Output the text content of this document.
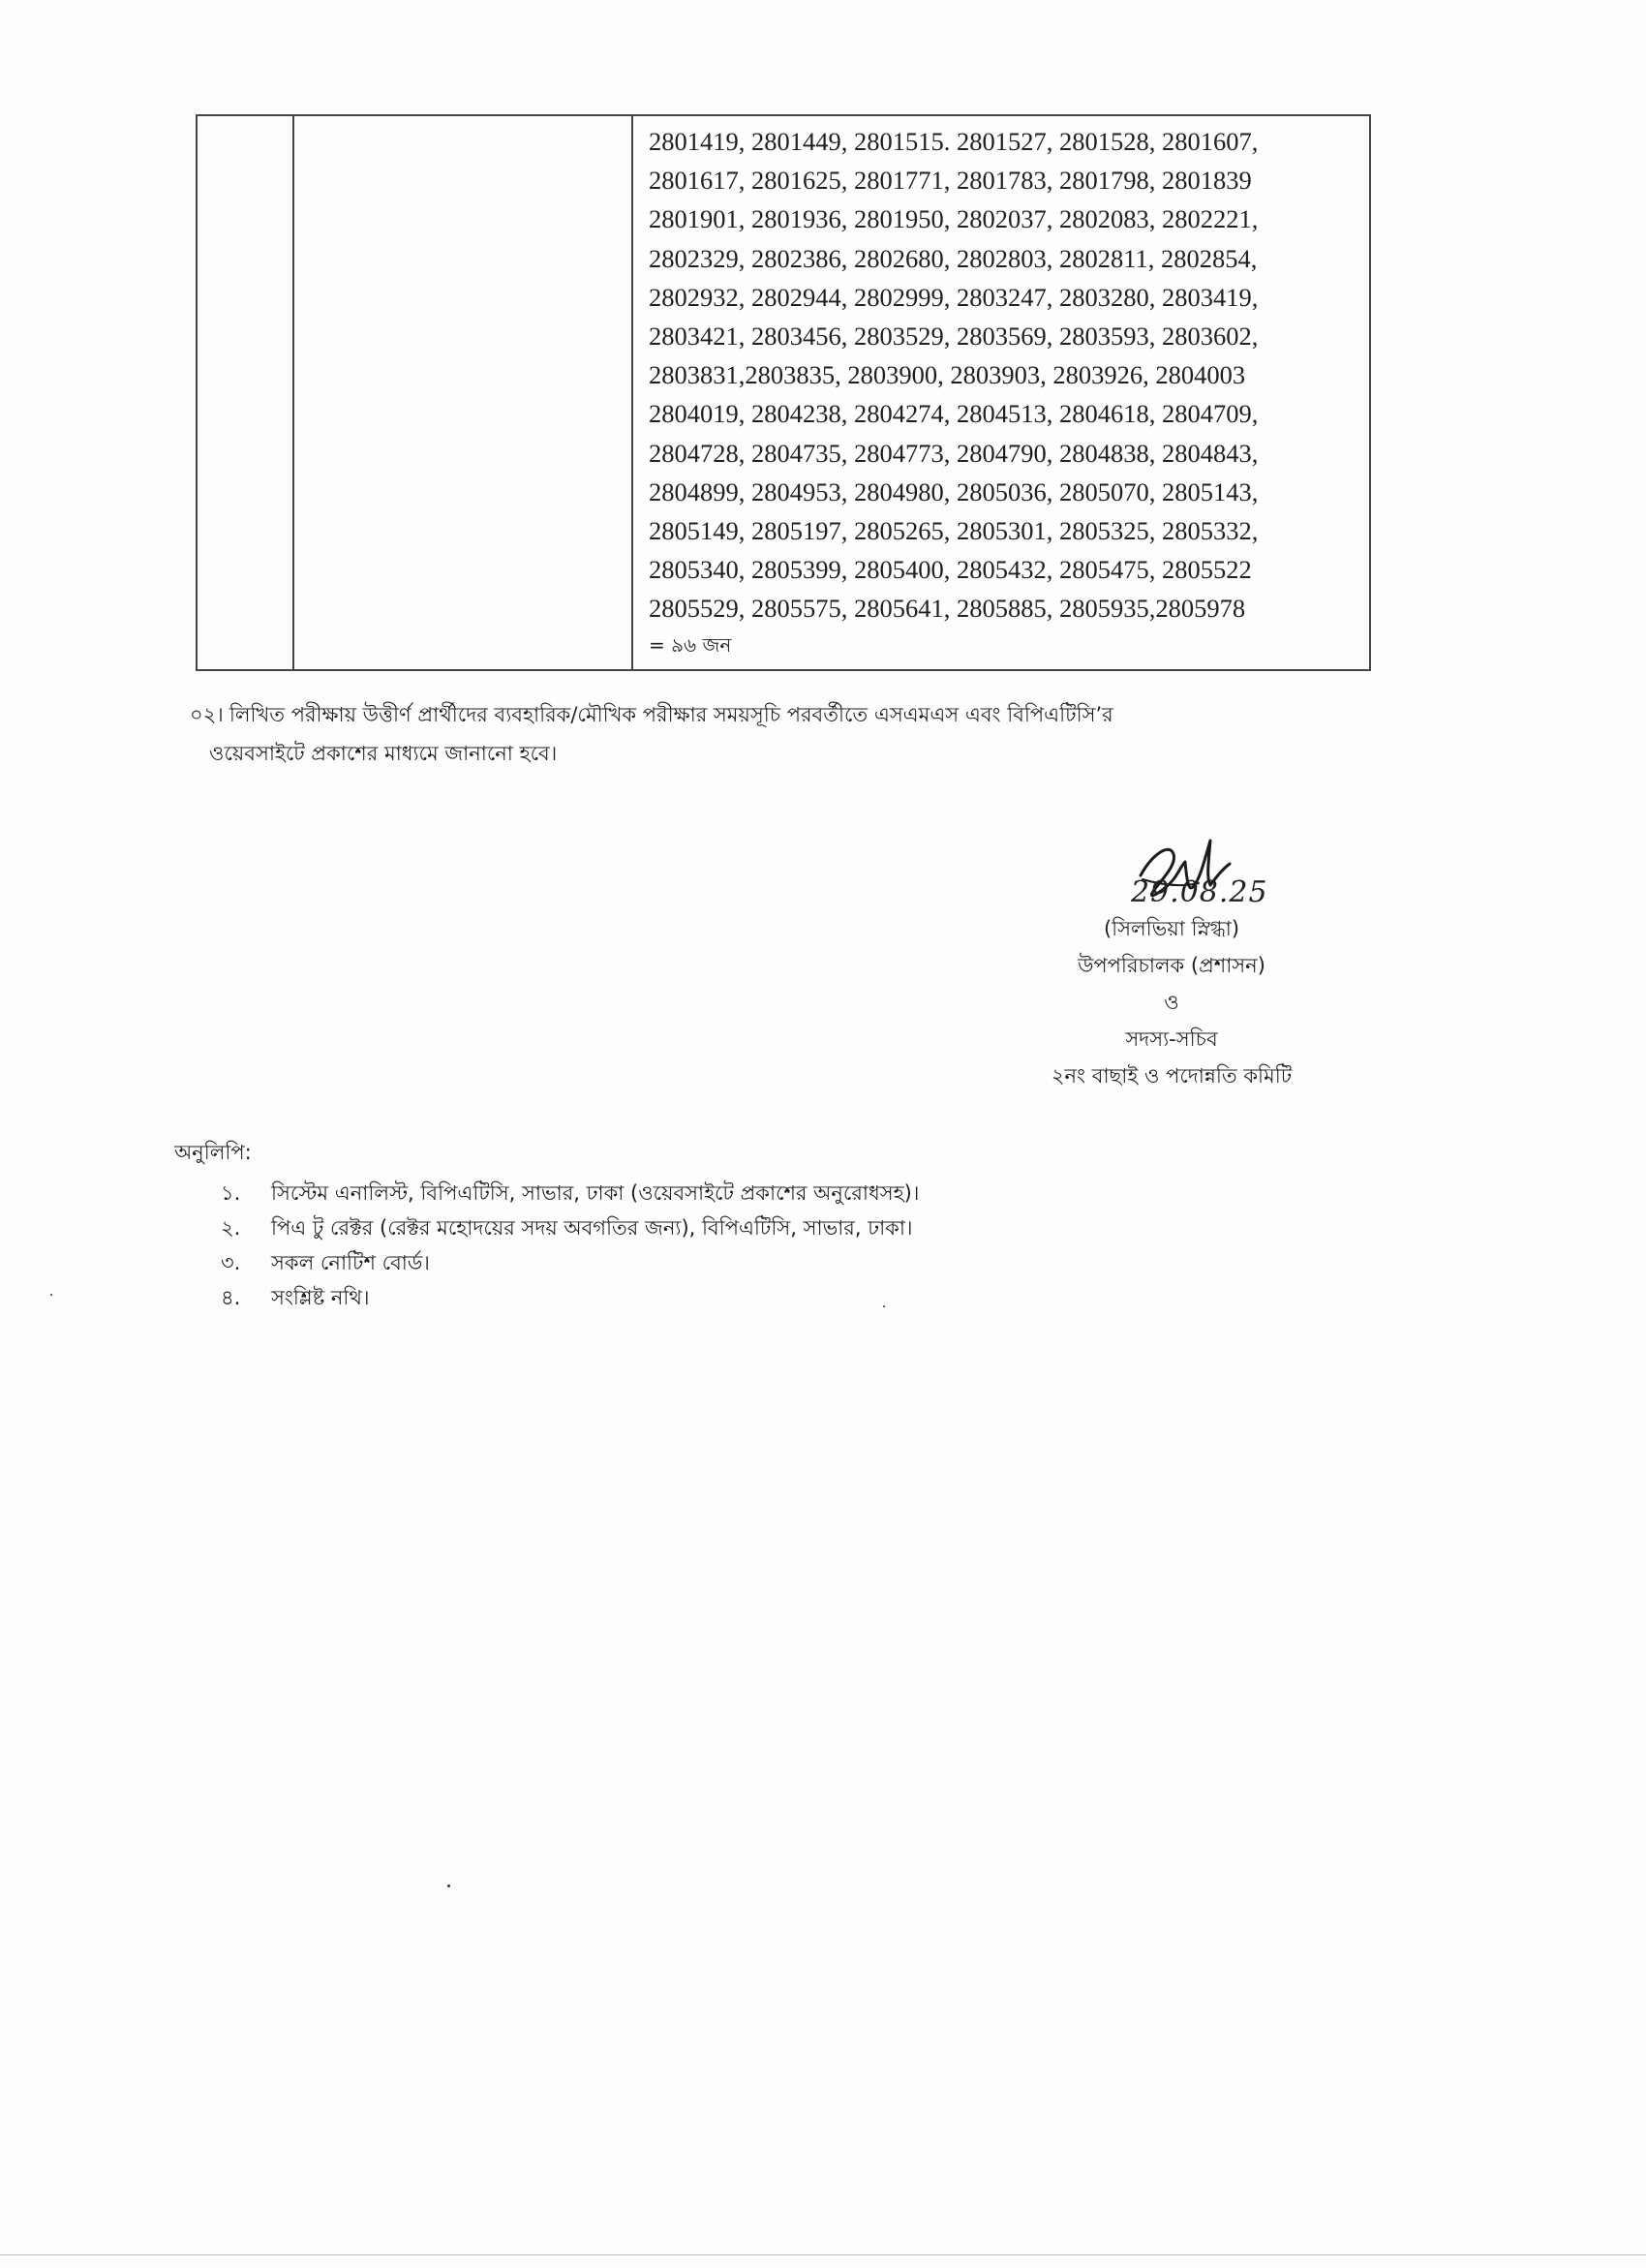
2801419, 2801449, 2801515. 2801527, 2801528, 2801607,
2801617, 2801625, 2801771, 2801783, 2801798, 2801839
2801901, 2801936, 2801950, 2802037, 2802083, 2802221,
2802329, 2802386, 2802680, 2802803, 2802811, 2802854,
2802932, 2802944, 2802999, 2803247, 2803280, 2803419,
2803421, 2803456, 2803529, 2803569, 2803593, 2803602,
2803831,2803835, 2803900, 2803903, 2803926, 2804003
2804019, 2804238, 2804274, 2804513, 2804618, 2804709,
2804728, 2804735, 2804773, 2804790, 2804838, 2804843,
2804899, 2804953, 2804980, 2805036, 2805070, 2805143,
2805149, 2805197, 2805265, 2805301, 2805325, 2805332,
2805340, 2805399, 2805400, 2805432, 2805475, 2805522
2805529, 2805575, 2805641, 2805885, 2805935,2805978
= ৯৬ জন
০২। লিখিত পরীক্ষায় উত্তীর্ণ প্রার্থীদের ব্যবহারিক/মৌখিক পরীক্ষার সময়সূচি পরবর্তীতে এসএমএস এবং বিপিএটিসি’র
ওয়েবসাইটে প্রকাশের মাধ্যমে জানানো হবে।
29.08.25
(সিলভিয়া স্নিগ্ধা)
উপপরিচালক (প্রশাসন)
ও
সদস্য-সচিব
২নং বাছাই ও পদোন্নতি কমিটি
অনুলিপি:
১.	সিস্টেম এনালিস্ট, বিপিএটিসি, সাভার, ঢাকা (ওয়েবসাইটে প্রকাশের অনুরোধসহ)।
২.	পিএ টু রেক্টর (রেক্টর মহোদয়ের সদয় অবগতির জন্য), বিপিএটিসি, সাভার, ঢাকা।
৩.	সকল নোটিশ বোর্ড।
৪.	সংশ্লিষ্ট নথি।
